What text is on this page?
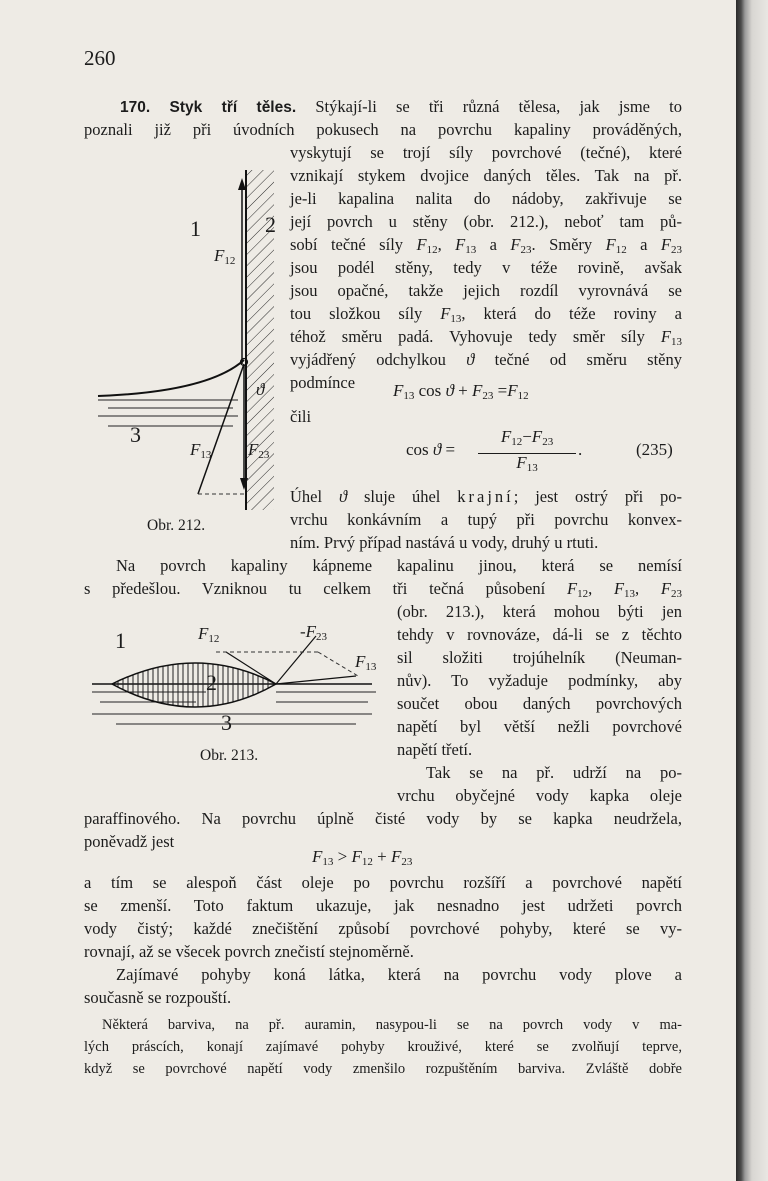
260

170. Styk tří těles. Stýkají-li se tři různá tělesa, jak jsme to

poznali již při úvodních pokusech na povrchu kapaliny prováděných,

vyskytují se trojí síly povrchové (tečné), které

vznikají stykem dvojice daných těles. Tak na př.

je-li kapalina nalita do nádoby, zakřivuje se

její povrch u stěny (obr. 212.), neboť tam pů-

sobí tečné síly F12, F13 a F23. Směry F12 a F23

jsou podél stěny, tedy v téže rovině, avšak

jsou opačné, takže jejich rozdíl vyrovnává se

tou složkou síly F13, která do téže roviny a

téhož směru padá. Vyhovuje tedy směr síly F13

vyjádřený odchylkou ϑ tečné od směru stěny

podmínce F13 cos ϑ + F23 =F12

čili

cos ϑ =
F12−F23
F13
.	(235)

Úhel ϑ sluje úhel krajní; jest ostrý při po-

vrchu konkávním a tupý při povrchu konvex-

ním. Prvý případ nastává u vody, druhý u rtuti.

Na povrch kapaliny kápneme kapalinu jinou, která se nemísí

s předešlou. Vzniknou tu celkem tři tečná působení F12, F13, F23

(obr. 213.), která mohou býti jen

tehdy v rovnováze, dá-li se z těchto

sil složiti trojúhelník (Neuman-

nův). To vyžaduje podmínky, aby

součet obou daných povrchových

napětí byl větší nežli povrchové

napětí třetí.

Tak se na př. udrží na po-

vrchu obyčejné vody kapka oleje

paraffinového. Na povrchu úplně čisté vody by se kapka neudržela,

poněvadž jest

F13 > F12 + F23

a tím se alespoň část oleje po povrchu rozšíří a povrchové napětí

se zmenší. Toto faktum ukazuje, jak nesnadno jest udržeti povrch

vody čistý; každé znečištění způsobí povrchové pohyby, které se vy-

rovnají, až se všecek povrch znečistí stejnoměrně.

Zajímavé pohyby koná látka, která na povrchu vody plove a

současně se rozpouští.

Některá barviva, na př. auramin, nasypou-li se na povrch vody v ma-

lých práscích, konají zajímavé pohyby krouživé, které se zvolňují teprve,

když se povrchové napětí vody zmenšilo rozpuštěním barviva. Zvláště dobře

1	2
3
F12
F13 F23
ϑ
Obr. 212.
1
2
3
F12	-F23
F13
Obr. 213.
